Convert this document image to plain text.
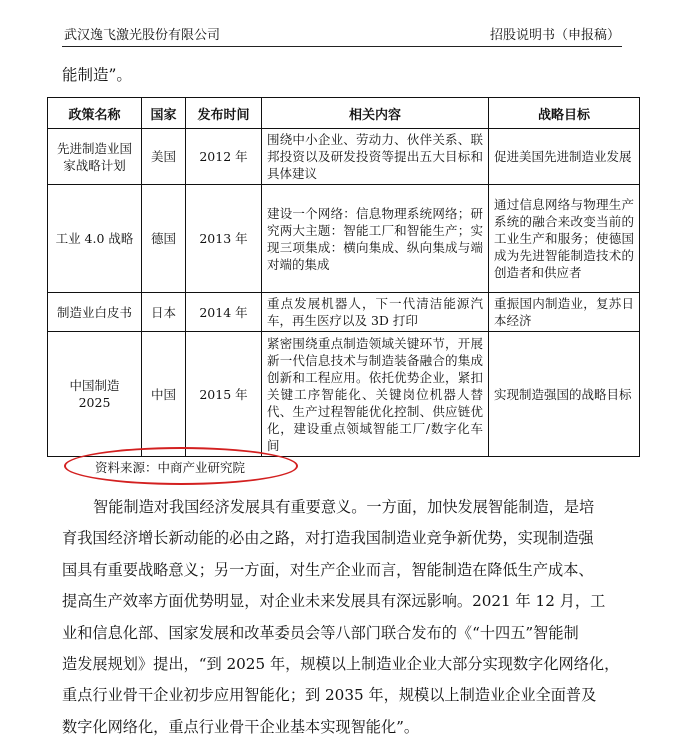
武汉逸飞激光股份有限公司	招股说明书（申报稿）
能制造”。
政策名称	国家	发布时间	相关内容	战略目标
先进制造业国家战略计划	美国	2012 年	围绕中小企业、劳动力、伙伴关系、联邦投资以及研发投资等提出五大目标和具体建议	促进美国先进制造业发展
工业 4.0 战略	德国	2013 年	建设一个网络：信息物理系统网络；研究两大主题：智能工厂和智能生产；实现三项集成：横向集成、纵向集成与端对端的集成	通过信息网络与物理生产系统的融合来改变当前的工业生产和服务；使德国成为先进智能制造技术的创造者和供应者
制造业白皮书	日本	2014 年	重点发展机器人，下一代清洁能源汽车，再生医疗以及 3D 打印	重振国内制造业，复苏日本经济
中国制造 2025	中国	2015 年	紧密围绕重点制造领域关键环节，开展新一代信息技术与制造装备融合的集成创新和工程应用。依托优势企业，紧扣关键工序智能化、关键岗位机器人替代、生产过程智能优化控制、供应链优化，建设重点领域智能工厂/数字化车间	实现制造强国的战略目标
资料来源：中商产业研究院
智能制造对我国经济发展具有重要意义。一方面，加快发展智能制造，是培
育我国经济增长新动能的必由之路，对打造我国制造业竞争新优势，实现制造强
国具有重要战略意义；另一方面，对生产企业而言，智能制造在降低生产成本、
提高生产效率方面优势明显，对企业未来发展具有深远影响。2021 年 12 月，工
业和信息化部、国家发展和改革委员会等八部门联合发布的《“十四五”智能制
造发展规划》提出，“到 2025 年，规模以上制造业企业大部分实现数字化网络化，
重点行业骨干企业初步应用智能化；到 2035 年，规模以上制造业企业全面普及
数字化网络化，重点行业骨干企业基本实现智能化”。
